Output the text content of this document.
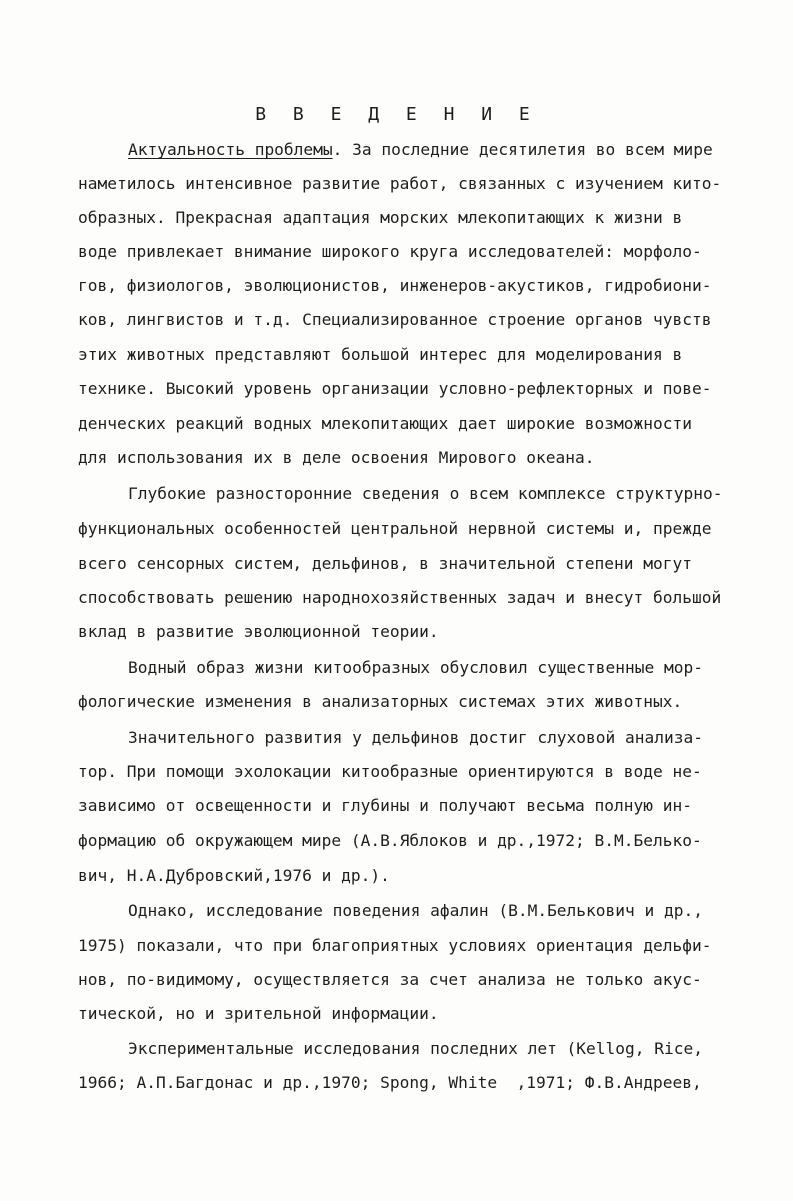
В В Е Д Е Н И Е
Актуальность проблемы. За последние десятилетия во всем мире
наметилось интенсивное развитие работ, связанных с изучением кито-
образных. Прекрасная адаптация морских млекопитающих к жизни в
воде привлекает внимание широкого круга исследователей: морфоло-
гов, физиологов, эволюционистов, инженеров-акустиков, гидробиони-
ков, лингвистов и т.д. Специализированное строение органов чувств
этих животных представляют большой интерес для моделирования в
технике. Высокий уровень организации условно-рефлекторных и пове-
денческих реакций водных млекопитающих дает широкие возможности
для использования их в деле освоения Мирового океана.
Глубокие разносторонние сведения о всем комплексе структурно-
функциональных особенностей центральной нервной системы и, прежде
всего сенсорных систем, дельфинов, в значительной степени могут
способствовать решению народнохозяйственных задач и внесут большой
вклад в развитие эволюционной теории.
Водный образ жизни китообразных обусловил существенные мор-
фологические изменения в анализаторных системах этих животных.
Значительного развития у дельфинов достиг слуховой анализа-
тор. При помощи эхолокации китообразные ориентируются в воде не-
зависимо от освещенности и глубины и получают весьма полную ин-
формацию об окружающем мире (А.В.Яблоков и др.,1972; В.М.Белько-
вич, Н.А.Дубровский,1976 и др.).
Однако, исследование поведения афалин (В.М.Белькович и др.,
1975) показали, что при благоприятных условиях ориентация дельфи-
нов, по-видимому, осуществляется за счет анализа не только акус-
тической, но и зрительной информации.
Экспериментальные исследования последних лет (Kellog, Rice,
1966; А.П.Багдонас и др.,1970; Spong, White  ,1971; Ф.В.Андреев,
